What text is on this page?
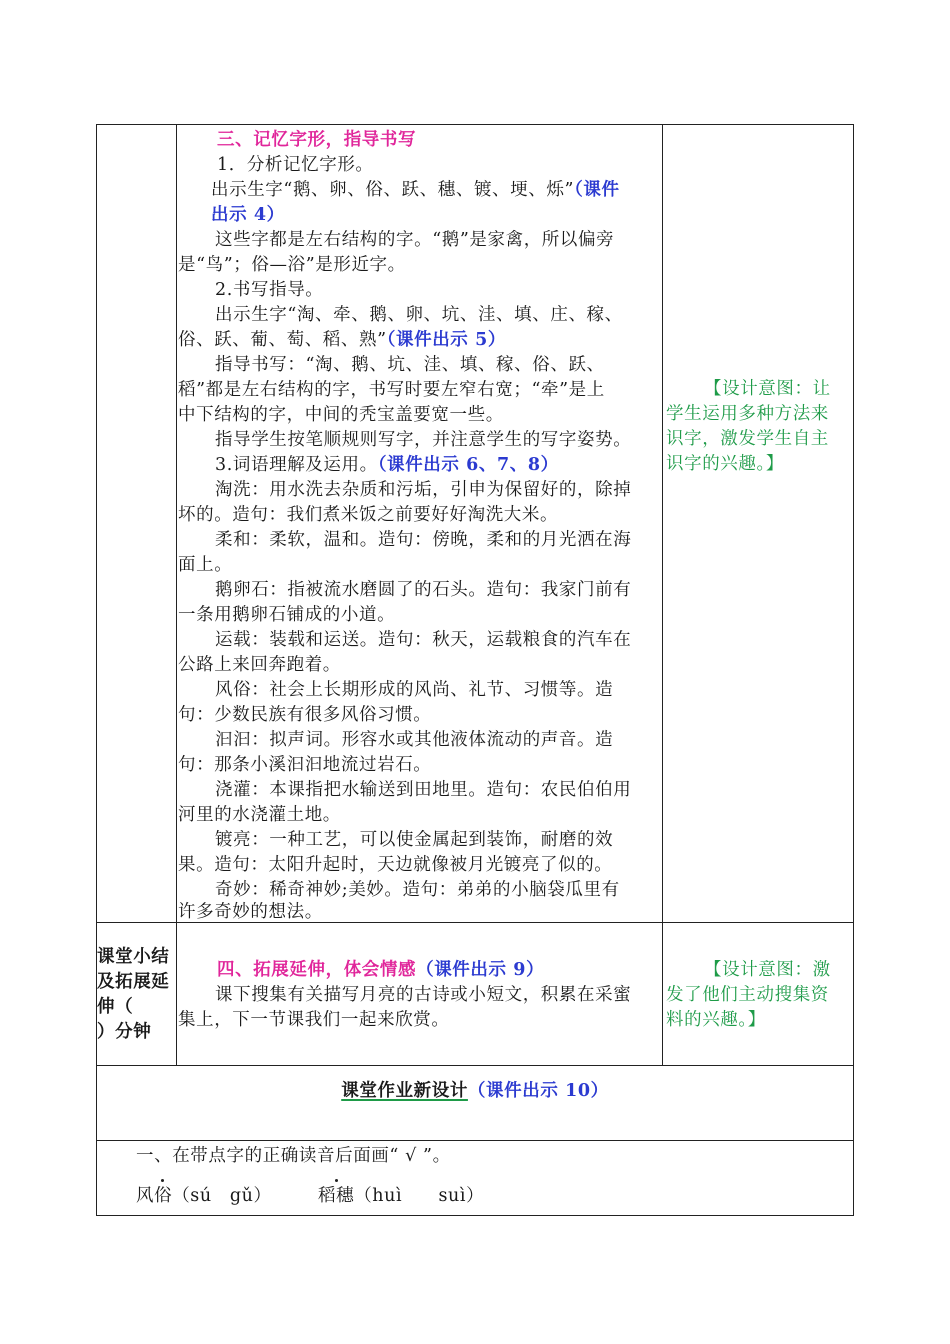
三、记忆字形，指导书写
1．分析记忆字形。
出示生字“鹅、卵、俗、跃、穗、镀、埂、烁”（课件
出示 4）
这些字都是左右结构的字。“鹅”是家禽，所以偏旁
是“鸟”；俗—浴”是形近字。
2.书写指导。
出示生字“淘、牵、鹅、卵、坑、洼、填、庄、稼、
俗、跃、葡、萄、稻、熟”（课件出示 5）
指导书写：“淘、鹅、坑、洼、填、稼、俗、跃、
稻”都是左右结构的字，书写时要左窄右宽；“牵”是上
中下结构的字，中间的秃宝盖要宽一些。
指导学生按笔顺规则写字，并注意学生的写字姿势。
3.词语理解及运用。（课件出示 6、7、8）
淘洗：用水洗去杂质和污垢，引申为保留好的，除掉
坏的。造句：我们煮米饭之前要好好淘洗大米。
柔和：柔软，温和。造句：傍晚，柔和的月光洒在海
面上。
鹅卵石：指被流水磨圆了的石头。造句：我家门前有
一条用鹅卵石铺成的小道。
运载：装载和运送。造句：秋天，运载粮食的汽车在
公路上来回奔跑着。
风俗：社会上长期形成的风尚、礼节、习惯等。造
句：少数民族有很多风俗习惯。
汩汩：拟声词。形容水或其他液体流动的声音。造
句：那条小溪汩汩地流过岩石。
浇灌：本课指把水输送到田地里。造句：农民伯伯用
河里的水浇灌土地。
镀亮：一种工艺，可以使金属起到装饰，耐磨的效
果。造句：太阳升起时，天边就像被月光镀亮了似的。
奇妙：稀奇神妙;美妙。造句：弟弟的小脑袋瓜里有
许多奇妙的想法。
【设计意图：让
学生运用多种方法来
识字，激发学生自主
识字的兴趣。】
课堂小结
及拓展延
伸（
）分钟
四、拓展延伸，体会情感（课件出示 9）
课下搜集有关描写月亮的古诗或小短文，积累在采蜜
集上，下一节课我们一起来欣赏。
【设计意图：激
发了他们主动搜集资
料的兴趣。】
课堂作业新设计（课件出示 10）
一、在带点字的正确读音后面画“ √ ”。
风俗（sú　gǔ）	稻穗（huì　　suì）
